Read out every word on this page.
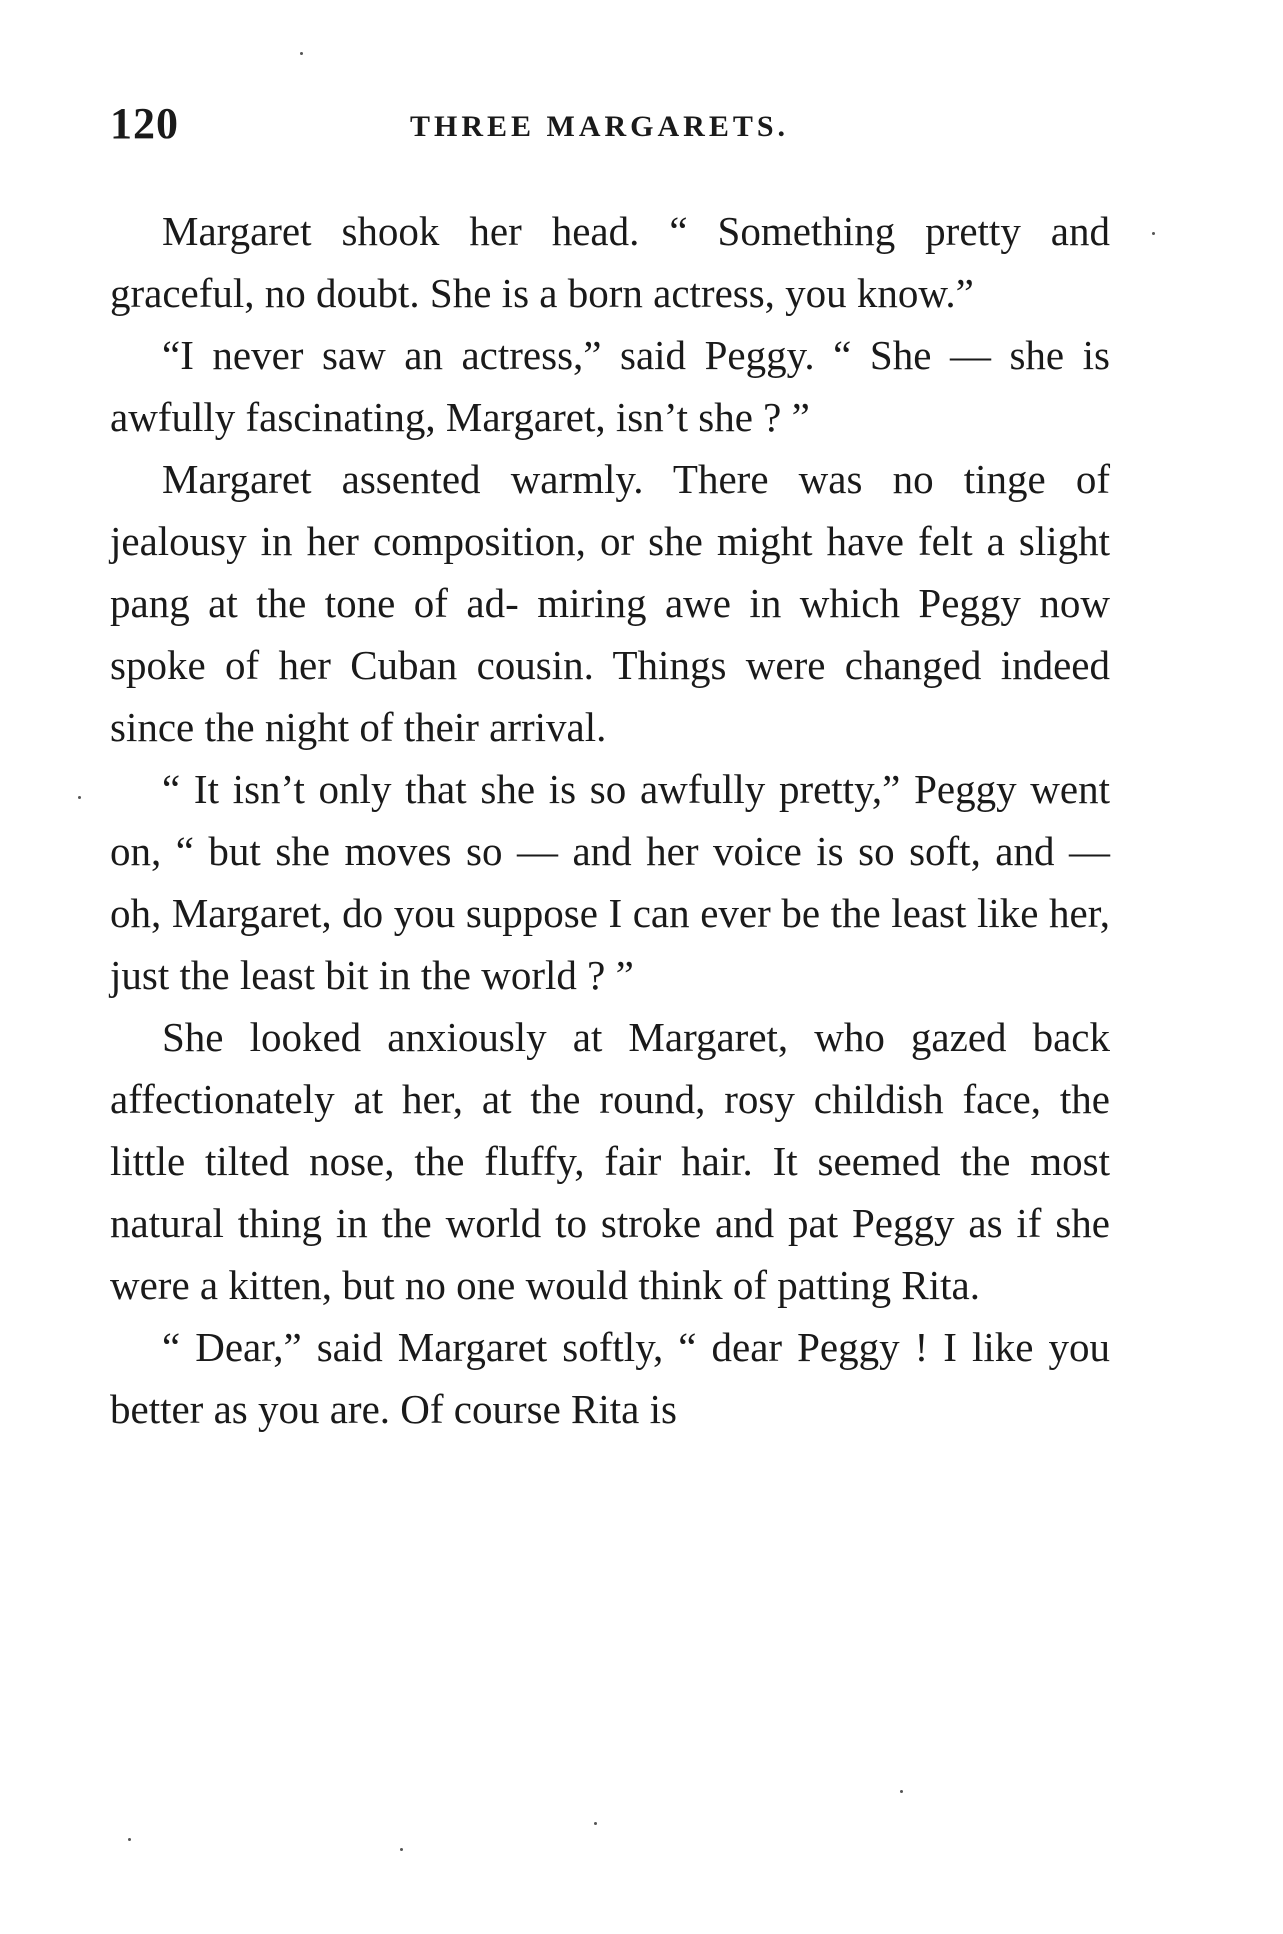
120	THREE MARGARETS.

Margaret shook her head. “ Something pretty and graceful, no doubt. She is a born actress, you know.”

“I never saw an actress,” said Peggy. “ She — she is awfully fascinating, Margaret, isn’t she ? ”

Margaret assented warmly. There was no tinge of jealousy in her composition, or she might have felt a slight pang at the tone of ad- miring awe in which Peggy now spoke of her Cuban cousin. Things were changed indeed since the night of their arrival.

“ It isn’t only that she is so awfully pretty,” Peggy went on, “ but she moves so — and her voice is so soft, and — oh, Margaret, do you suppose I can ever be the least like her, just the least bit in the world ? ”

She looked anxiously at Margaret, who gazed back affectionately at her, at the round, rosy childish face, the little tilted nose, the fluffy, fair hair. It seemed the most natural thing in the world to stroke and pat Peggy as if she were a kitten, but no one would think of patting Rita.

“ Dear,” said Margaret softly, “ dear Peggy ! I like you better as you are. Of course Rita is
